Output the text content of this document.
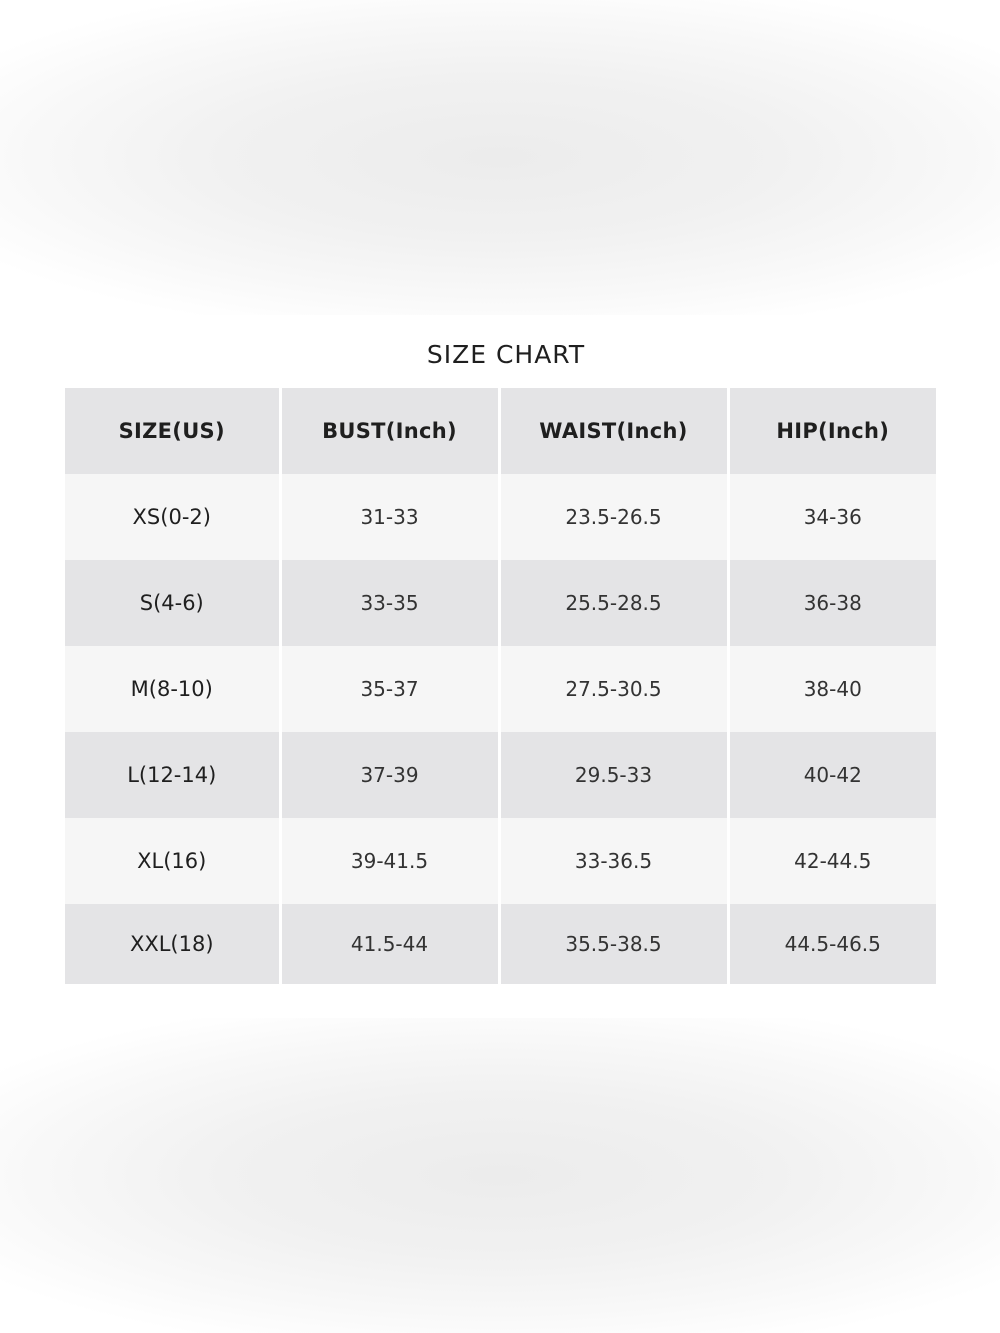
SIZE CHART
SIZE(US)	BUST(Inch)	WAIST(Inch)	HIP(Inch)
XS(0-2)	31-33	23.5-26.5	34-36
S(4-6)	33-35	25.5-28.5	36-38
M(8-10)	35-37	27.5-30.5	38-40
L(12-14)	37-39	29.5-33	40-42
XL(16)	39-41.5	33-36.5	42-44.5
XXL(18)	41.5-44	35.5-38.5	44.5-46.5
